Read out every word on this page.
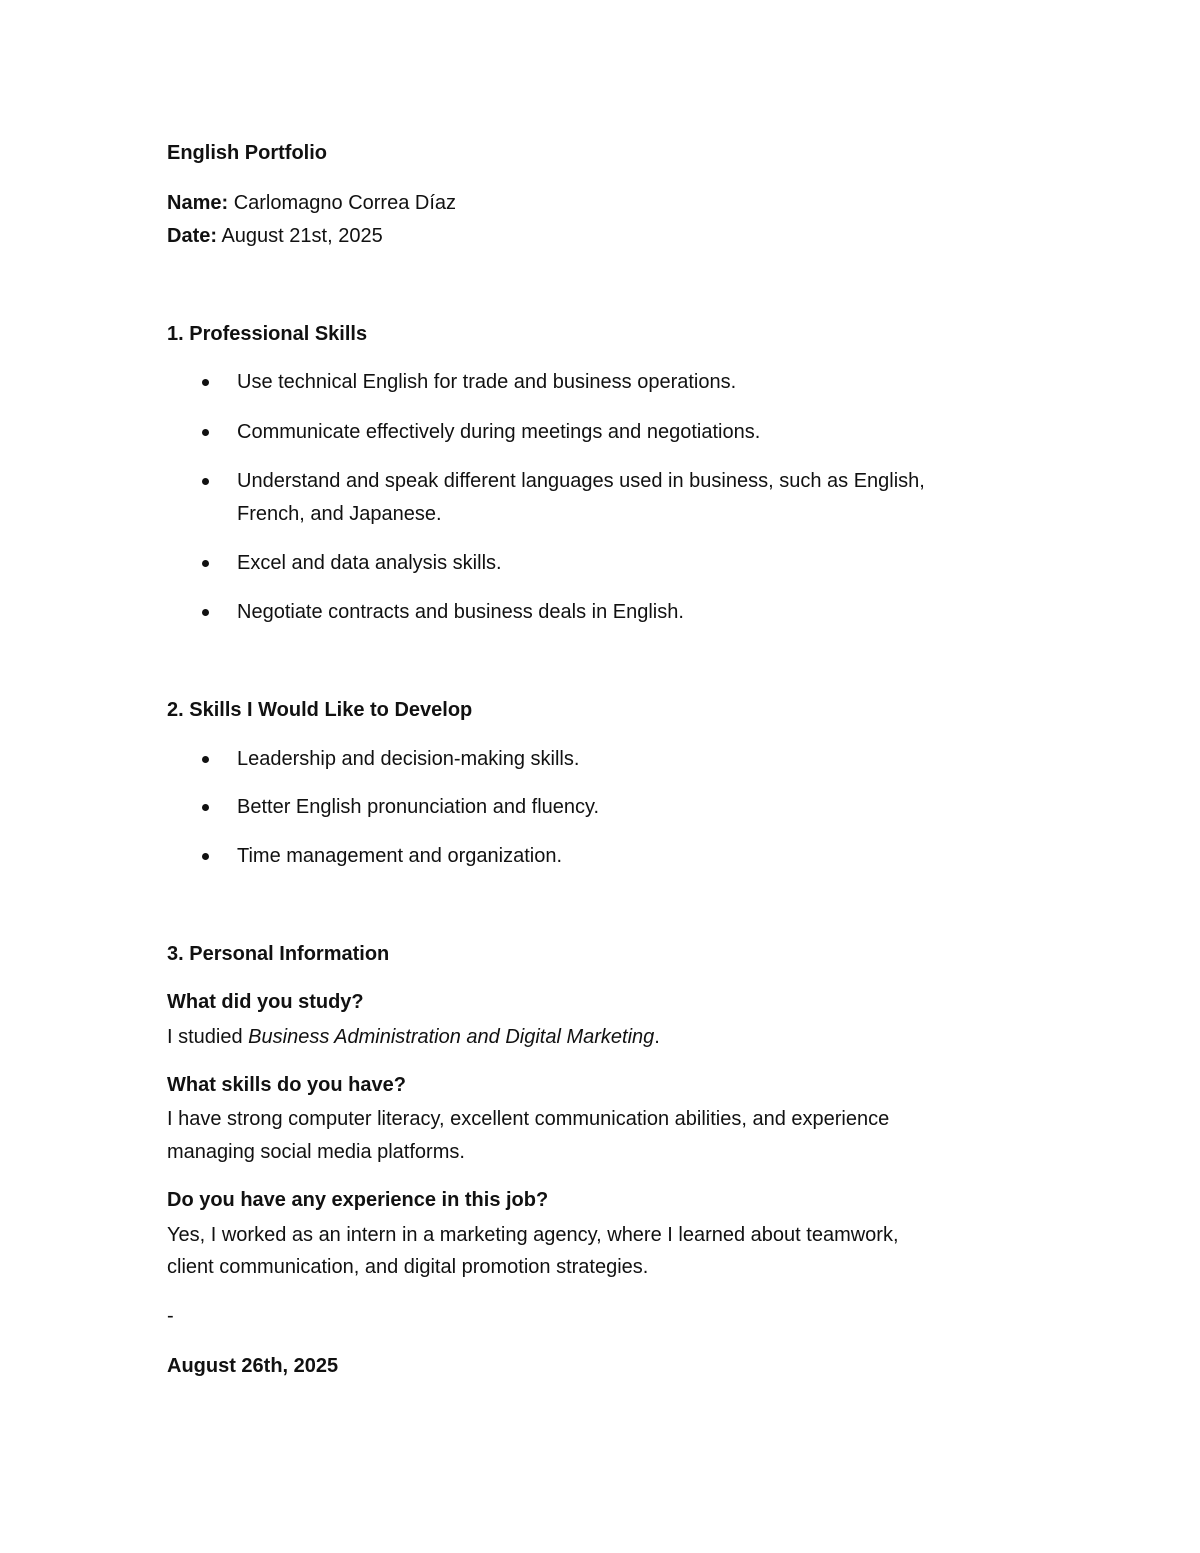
English Portfolio
Name: Carlomagno Correa Díaz
Date: August 21st, 2025
1. Professional Skills
Use technical English for trade and business operations.
Communicate effectively during meetings and negotiations.
Understand and speak different languages used in business, such as English,
French, and Japanese.
Excel and data analysis skills.
Negotiate contracts and business deals in English.
2. Skills I Would Like to Develop
Leadership and decision-making skills.
Better English pronunciation and fluency.
Time management and organization.
3. Personal Information
What did you study?
I studied Business Administration and Digital Marketing.
What skills do you have?
I have strong computer literacy, excellent communication abilities, and experience
managing social media platforms.
Do you have any experience in this job?
Yes, I worked as an intern in a marketing agency, where I learned about teamwork,
client communication, and digital promotion strategies.
-
August 26th, 2025
